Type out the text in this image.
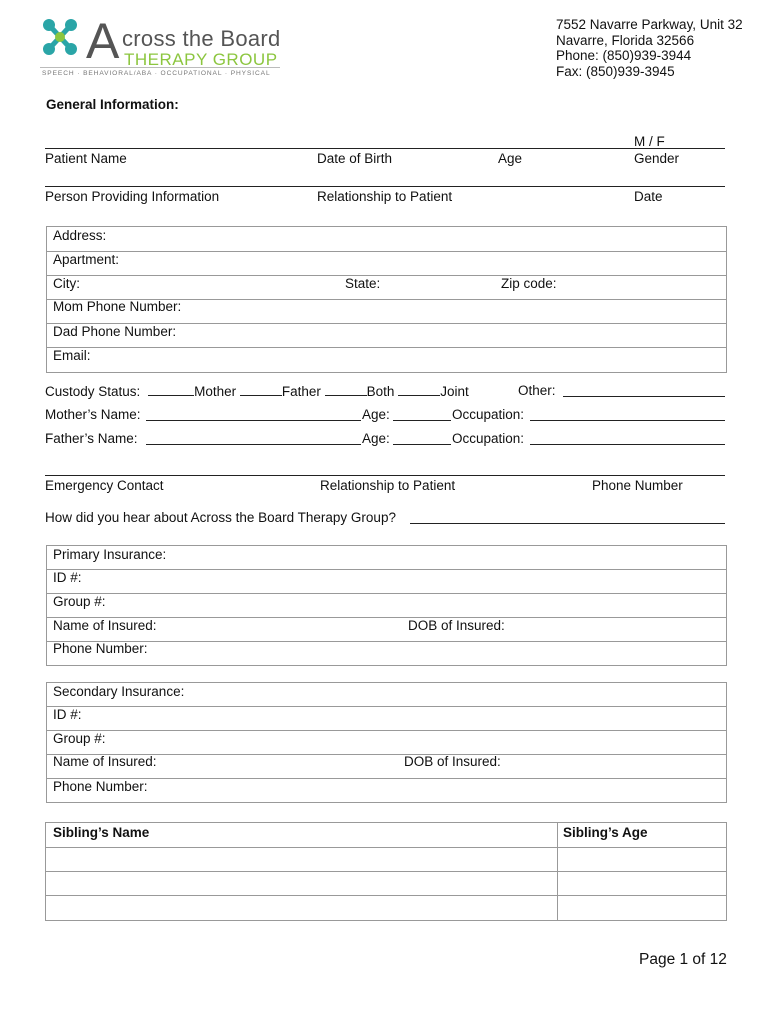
A cross the Board
THERAPY GROUP
SPEECH · BEHAVIORAL/ABA · OCCUPATIONAL · PHYSICAL
7552 Navarre Parkway, Unit 32
Navarre, Florida 32566
Phone: (850)939-3944
Fax: (850)939-3945
General Information:
M / F
Patient Name	Date of Birth	Age	Gender
Person Providing Information	Relationship to Patient	Date
Address:
Apartment:
City:	State:	Zip code:
Mom Phone Number:
Dad Phone Number:
Email:
Custody Status:	Mother	Father	Both	Joint	Other:
Mother’s Name:	Age:	Occupation:
Father’s Name:	Age:	Occupation:
Emergency Contact	Relationship to Patient	Phone Number
How did you hear about Across the Board Therapy Group?
Primary Insurance:
ID #:
Group #:
Name of Insured:	DOB of Insured:
Phone Number:
Secondary Insurance:
ID #:
Group #:
Name of Insured:	DOB of Insured:
Phone Number:
Sibling’s Name	Sibling’s Age
Page 1 of 12
